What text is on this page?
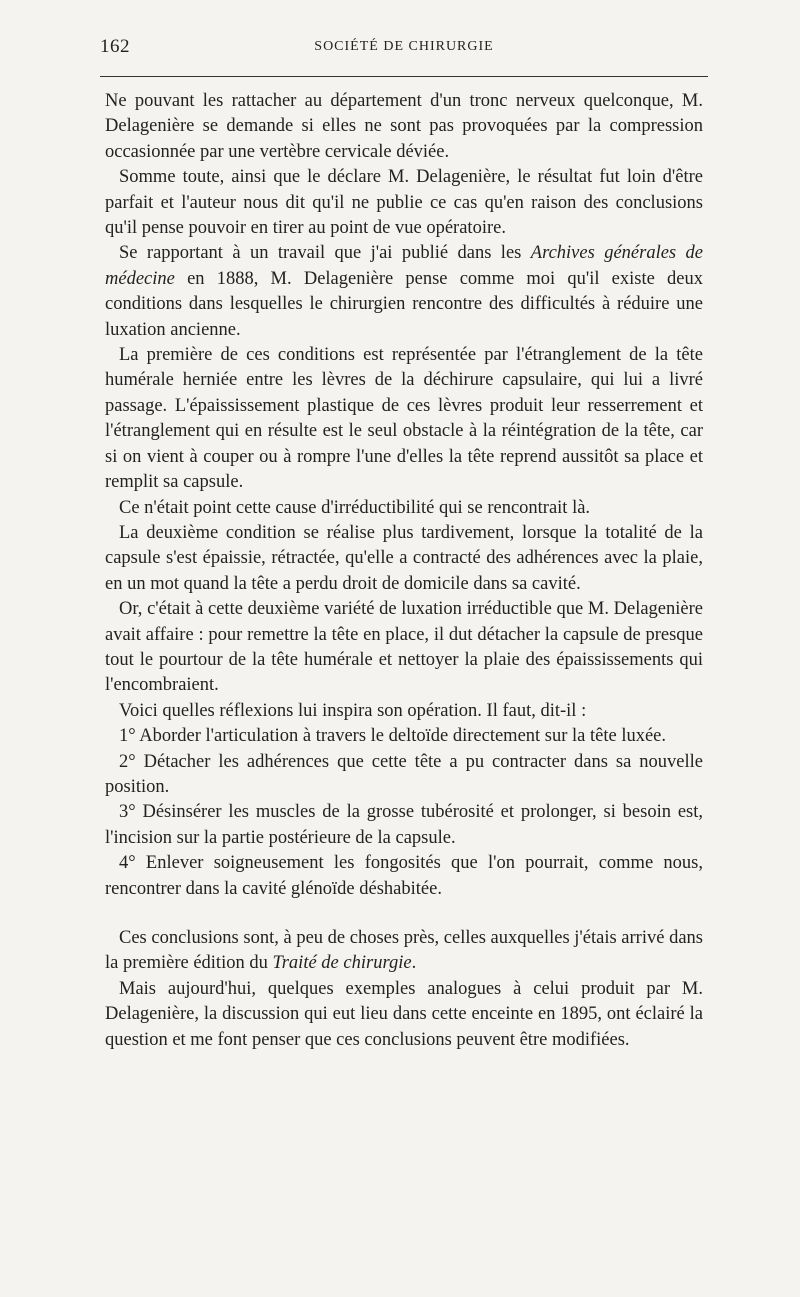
162	SOCIÉTÉ DE CHIRURGIE

Ne pouvant les rattacher au département d'un tronc nerveux quelconque, M. Delagenière se demande si elles ne sont pas provoquées par la compression occasionnée par une vertèbre cervicale déviée.

Somme toute, ainsi que le déclare M. Delagenière, le résultat fut loin d'être parfait et l'auteur nous dit qu'il ne publie ce cas qu'en raison des conclusions qu'il pense pouvoir en tirer au point de vue opératoire.

Se rapportant à un travail que j'ai publié dans les Archives générales de médecine en 1888, M. Delagenière pense comme moi qu'il existe deux conditions dans lesquelles le chirurgien rencontre des difficultés à réduire une luxation ancienne.

La première de ces conditions est représentée par l'étranglement de la tête humérale herniée entre les lèvres de la déchirure capsulaire, qui lui a livré passage. L'épaississement plastique de ces lèvres produit leur resserrement et l'étranglement qui en résulte est le seul obstacle à la réintégration de la tête, car si on vient à couper ou à rompre l'une d'elles la tête reprend aussitôt sa place et remplit sa capsule.

Ce n'était point cette cause d'irréductibilité qui se rencontrait là.

La deuxième condition se réalise plus tardivement, lorsque la totalité de la capsule s'est épaissie, rétractée, qu'elle a contracté des adhérences avec la plaie, en un mot quand la tête a perdu droit de domicile dans sa cavité.

Or, c'était à cette deuxième variété de luxation irréductible que M. Delagenière avait affaire : pour remettre la tête en place, il dut détacher la capsule de presque tout le pourtour de la tête humérale et nettoyer la plaie des épaississements qui l'encombraient.

Voici quelles réflexions lui inspira son opération. Il faut, dit-il :

1° Aborder l'articulation à travers le deltoïde directement sur la tête luxée.

2° Détacher les adhérences que cette tête a pu contracter dans sa nouvelle position.

3° Désinsérer les muscles de la grosse tubérosité et prolonger, si besoin est, l'incision sur la partie postérieure de la capsule.

4° Enlever soigneusement les fongosités que l'on pourrait, comme nous, rencontrer dans la cavité glénoïde déshabitée.

Ces conclusions sont, à peu de choses près, celles auxquelles j'étais arrivé dans la première édition du Traité de chirurgie.

Mais aujourd'hui, quelques exemples analogues à celui produit par M. Delagenière, la discussion qui eut lieu dans cette enceinte en 1895, ont éclairé la question et me font penser que ces conclusions peuvent être modifiées.
